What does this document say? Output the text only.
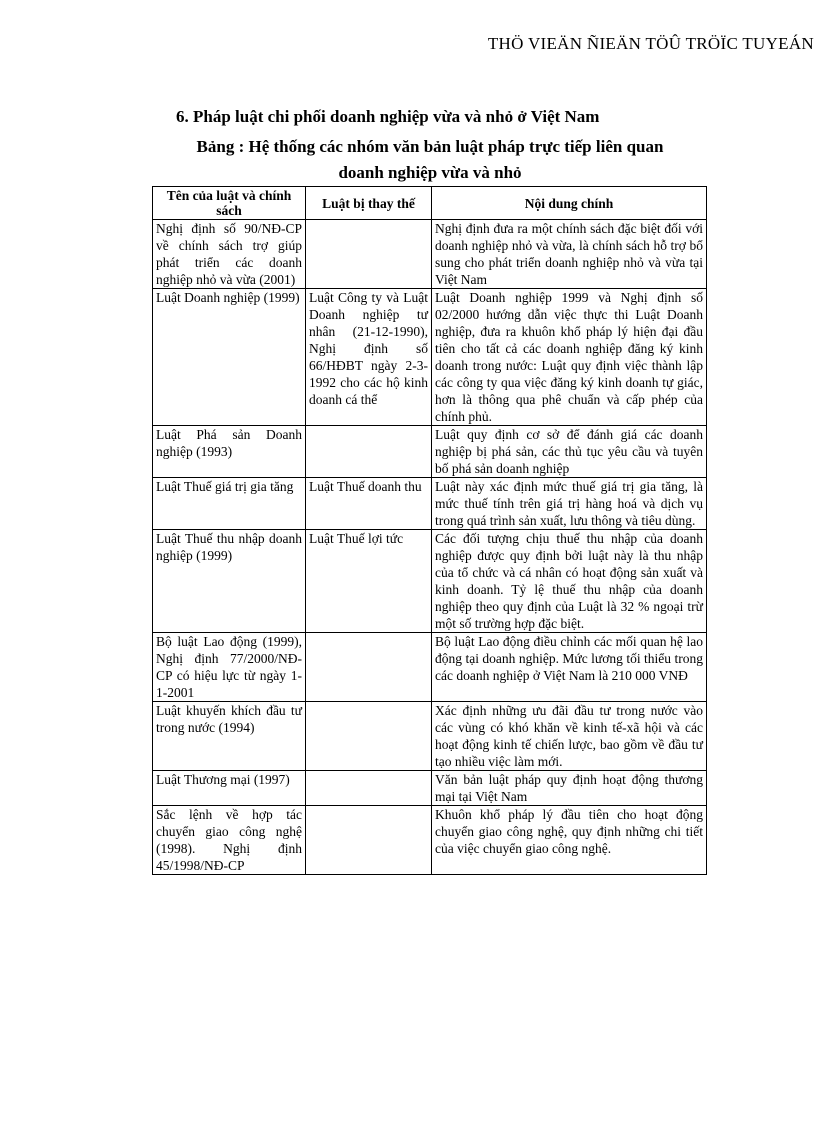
THÖ VIEÄN ÑIEÄN TÖÛ TRÖÏC TUYEÁN
6. Pháp luật chi phối doanh nghiệp vừa và nhỏ ở Việt Nam
Bảng : Hệ thống các nhóm văn bản luật pháp trực tiếp liên quan
doanh nghiệp vừa và nhỏ
Tên của luật và chính sách	Luật bị thay thế	Nội dung chính

Nghị định số 90/NĐ-CP về chính sách trợ giúp phát triển các doanh nghiệp nhỏ và vừa (2001)		Nghị định đưa ra một chính sách đặc biệt đối với doanh nghiệp nhỏ và vừa, là chính sách hỗ trợ bổ sung cho phát triển doanh nghiệp nhỏ và vừa tại Việt Nam
Luật Doanh nghiệp (1999)	Luật Công ty và Luật Doanh nghiệp tư nhân (21-12-1990), Nghị định số 66/HĐBT ngày 2-3-1992 cho các hộ kinh doanh cá thể	Luật Doanh nghiệp 1999 và Nghị định số 02/2000 hướng dẫn việc thực thi Luật Doanh nghiệp, đưa ra khuôn khổ pháp lý hiện đại đầu tiên cho tất cả các doanh nghiệp đăng ký kinh doanh trong nước: Luật quy định việc thành lập các công ty qua việc đăng ký kinh doanh tự giác, hơn là thông qua phê chuẩn và cấp phép của chính phủ.
Luật Phá sản Doanh nghiệp (1993)		Luật quy định cơ sở để đánh giá các doanh nghiệp bị phá sản, các thủ tục yêu cầu và tuyên bố phá sản doanh nghiệp
Luật Thuế giá trị gia tăng	Luật Thuế doanh thu	Luật này xác định mức thuế giá trị gia tăng, là mức thuế tính trên giá trị hàng hoá và dịch vụ trong quá trình sản xuất, lưu thông và tiêu dùng.
Luật Thuế thu nhập doanh nghiệp (1999)	Luật Thuế lợi tức	Các đối tượng chịu thuế thu nhập của doanh nghiệp được quy định bởi luật này là thu nhập của tổ chức và cá nhân có hoạt động sản xuất và kinh doanh. Tỷ lệ thuế thu nhập của doanh nghiệp theo quy định của Luật là 32 % ngoại trừ một số trường hợp đặc biệt.
Bộ luật Lao động (1999), Nghị định 77/2000/NĐ-CP có hiệu lực từ ngày 1-1-2001		Bộ luật Lao động điều chỉnh các mối quan hệ lao động tại doanh nghiệp. Mức lương tối thiểu trong các doanh nghiệp ở Việt Nam là 210 000 VNĐ
Luật khuyến khích đầu tư trong nước (1994)		Xác định những ưu đãi đầu tư trong nước vào các vùng có khó khăn về kinh tế-xã hội và các hoạt động kinh tế chiến lược, bao gồm về đầu tư tạo nhiều việc làm mới.
Luật Thương mại (1997)		Văn bản luật pháp quy định hoạt động thương mại tại Việt Nam
Sắc lệnh về hợp tác chuyển giao công nghệ (1998). Nghị định 45/1998/NĐ-CP		Khuôn khổ pháp lý đầu tiên cho hoạt động chuyển giao công nghệ, quy định những chi tiết của việc chuyển giao công nghệ.
